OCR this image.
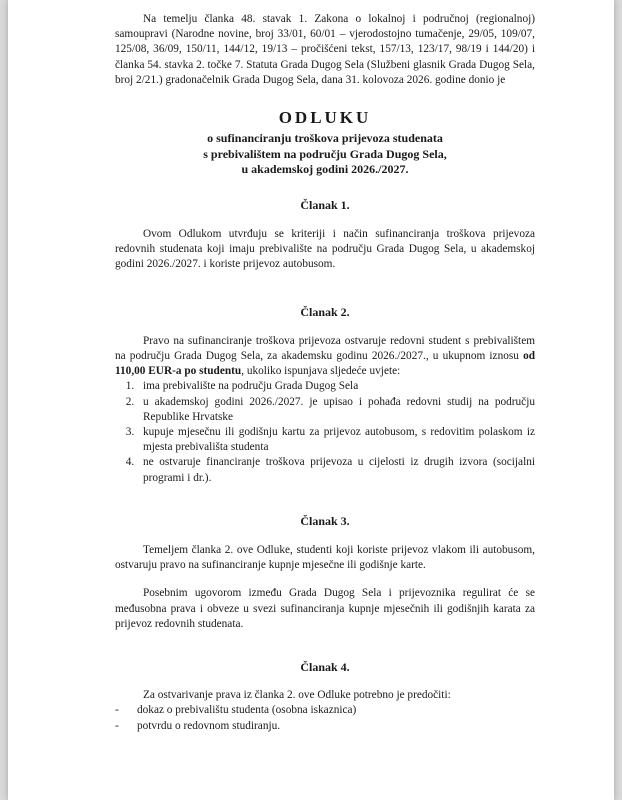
Na temelju članka 48. stavak 1. Zakona o lokalnoj i područnoj (regionalnoj) samoupravi (Narodne novine, broj 33/01, 60/01 – vjerodostojno tumačenje, 29/05, 109/07, 125/08, 36/09, 150/11, 144/12, 19/13 – pročišćeni tekst, 157/13, 123/17, 98/19 i 144/20) i članka 54. stavka 2. točke 7. Statuta Grada Dugog Sela (Službeni glasnik Grada Dugog Sela, broj 2/21.) gradonačelnik Grada Dugog Sela, dana 31. kolovoza 2026. godine donio je

ODLUKU
o sufinanciranju troškova prijevoza studenata
s prebivalištem na području Grada Dugog Sela,
u akademskoj godini 2026./2027.
Članak 1.

Ovom Odlukom utvrđuju se kriteriji i način sufinanciranja troškova prijevoza redovnih studenata koji imaju prebivalište na području Grada Dugog Sela, u akademskoj godini 2026./2027. i koriste prijevoz autobusom.

Članak 2.

Pravo na sufinanciranje troškova prijevoza ostvaruje redovni student s prebivalištem na području Grada Dugog Sela, za akademsku godinu 2026./2027., u ukupnom iznosu od 110,00 EUR-a po studentu, ukoliko ispunjava sljedeće uvjete:

1. ima prebivalište na području Grada Dugog Sela
2. u akademskoj godini 2026./2027. je upisao i pohađa redovni studij na području Republike Hrvatske
3. kupuje mjesečnu ili godišnju kartu za prijevoz autobusom, s redovitim polaskom iz mjesta prebivališta studenta
4. ne ostvaruje financiranje troškova prijevoza u cijelosti iz drugih izvora (socijalni programi i dr.).
Članak 3.

Temeljem članka 2. ove Odluke, studenti koji koriste prijevoz vlakom ili autobusom, ostvaruju pravo na sufinanciranje kupnje mjesečne ili godišnje karte.

Posebnim ugovorom između Grada Dugog Sela i prijevoznika regulirat će se međusobna prava i obveze u svezi sufinanciranja kupnje mjesečnih ili godišnjih karata za prijevoz redovnih studenata.

Članak 4.

Za ostvarivanje prava iz članka 2. ove Odluke potrebno je predočiti:

- dokaz o prebivalištu studenta (osobna iskaznica)
- potvrdu o redovnom studiranju.
